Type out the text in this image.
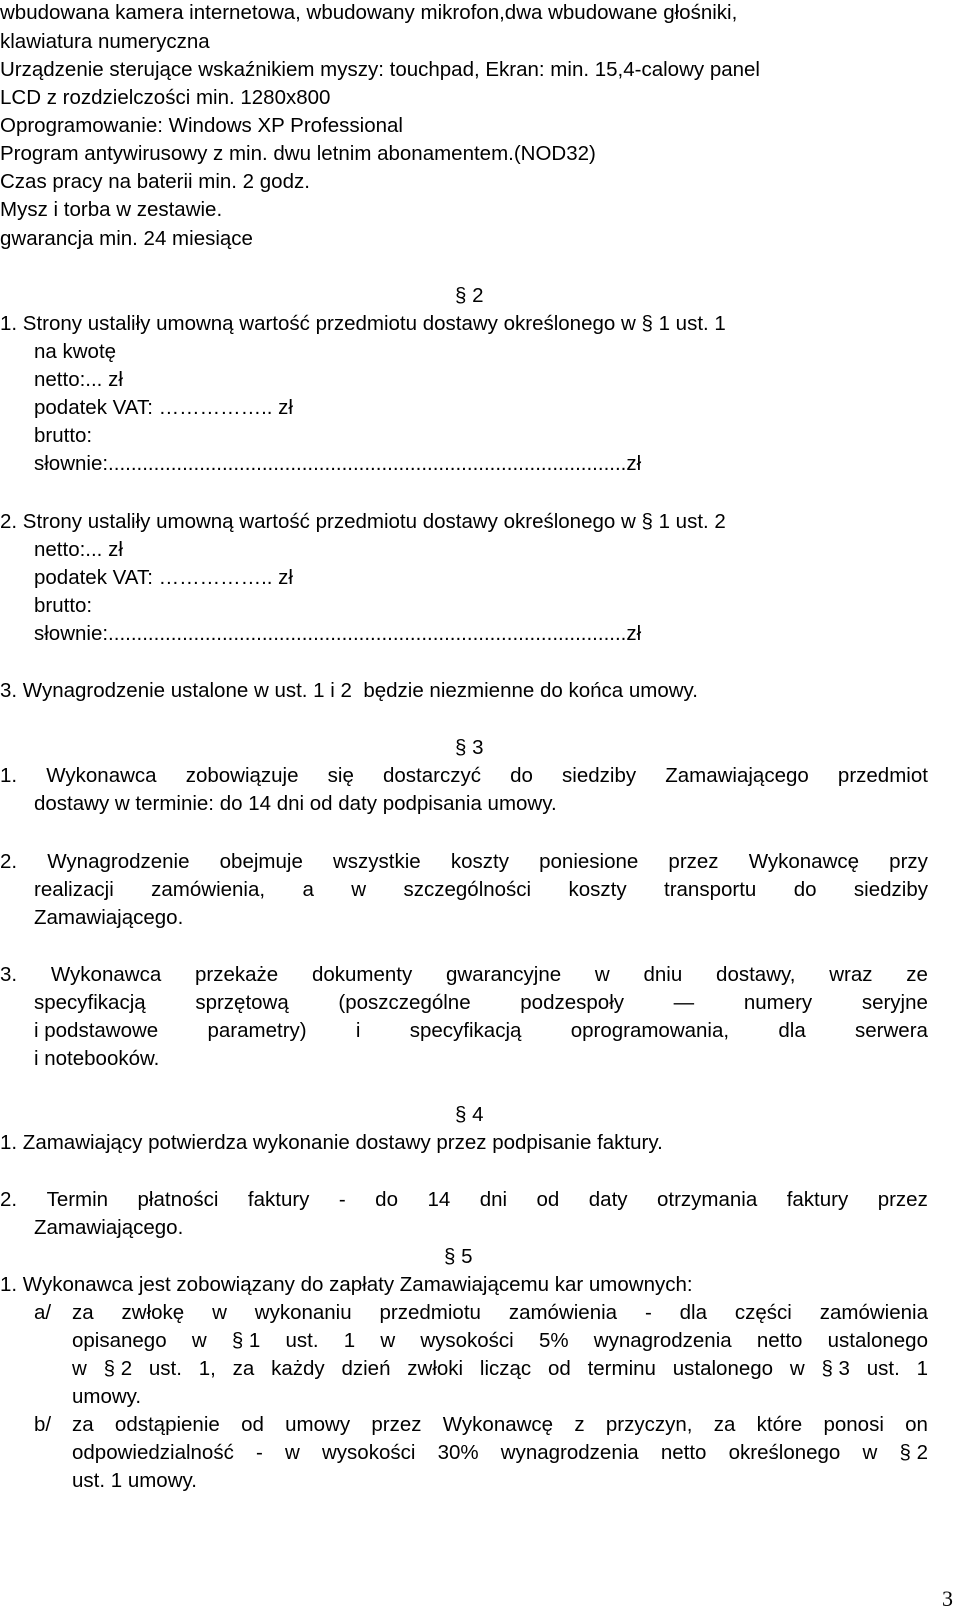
wbudowana kamera internetowa, wbudowany mikrofon,dwa wbudowane głośniki,
klawiatura numeryczna
Urządzenie sterujące wskaźnikiem myszy: touchpad, Ekran: min. 15,4-calowy panel
LCD z rozdzielczości min. 1280x800
Oprogramowanie: Windows XP Professional
Program antywirusowy z min. dwu letnim abonamentem.(NOD32)
Czas pracy na baterii min. 2 godz.
Mysz i torba w zestawie.
gwarancja min. 24 miesiące
§ 2
1. Strony ustaliły umowną wartość przedmiotu dostawy określonego w § 1 ust. 1
na kwotę
netto:... zł
podatek VAT: …………….. zł
brutto:
słownie:...........................................................................................zł
2. Strony ustaliły umowną wartość przedmiotu dostawy określonego w § 1 ust. 2
netto:... zł
podatek VAT: …………….. zł
brutto:
słownie:...........................................................................................zł
3. Wynagrodzenie ustalone w ust. 1 i 2  będzie niezmienne do końca umowy.
§ 3
1. Wykonawca zobowiązuje się dostarczyć do siedziby Zamawiającego przedmiot
dostawy w terminie: do 14 dni od daty podpisania umowy.
2. Wynagrodzenie obejmuje wszystkie koszty poniesione przez Wykonawcę przy
realizacji zamówienia, a w szczególności koszty transportu do siedziby
Zamawiającego.
3. Wykonawca przekaże dokumenty gwarancyjne w dniu dostawy, wraz ze
specyfikacją sprzętową (poszczególne podzespoły — numery seryjne
i podstawowe parametry) i specyfikacją oprogramowania, dla serwera
i notebooków.
§ 4
1. Zamawiający potwierdza wykonanie dostawy przez podpisanie faktury.
2. Termin płatności faktury - do 14 dni od daty otrzymania faktury przez
Zamawiającego.
§ 5
1. Wykonawca jest zobowiązany do zapłaty Zamawiającemu kar umownych:
a/ za zwłokę w wykonaniu przedmiotu zamówienia - dla części zamówienia
opisanego w § 1 ust. 1 w wysokości 5% wynagrodzenia netto ustalonego
w § 2 ust. 1, za każdy dzień zwłoki licząc od terminu ustalonego w § 3 ust. 1
umowy.
b/ za odstąpienie od umowy przez Wykonawcę z przyczyn, za które ponosi on
odpowiedzialność - w wysokości 30% wynagrodzenia netto określonego w § 2
ust. 1 umowy.
3
